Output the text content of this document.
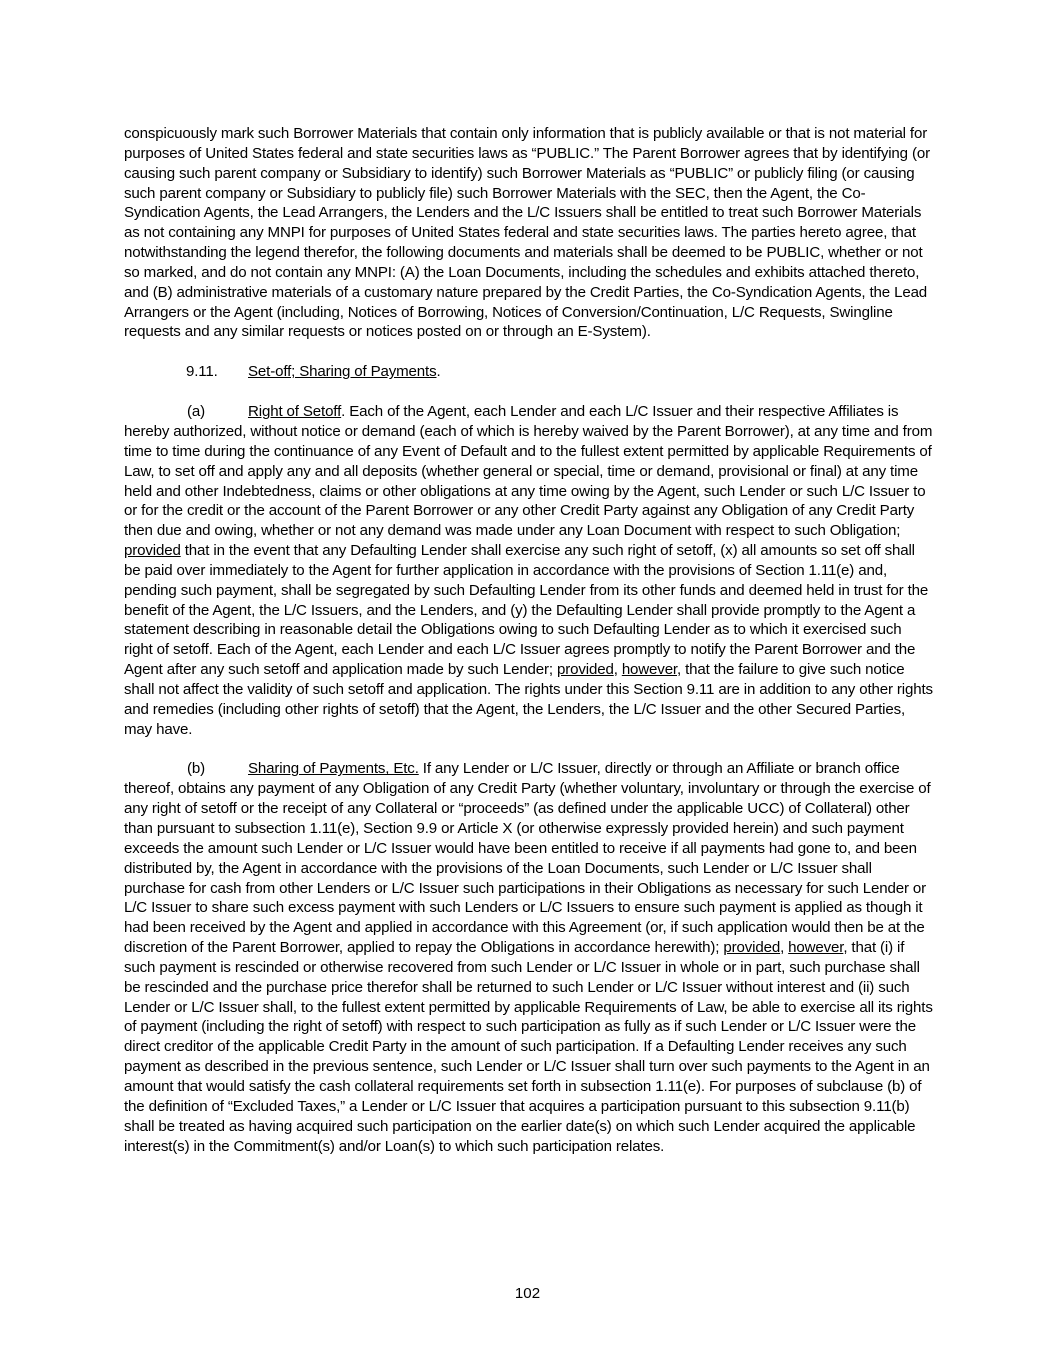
conspicuously mark such Borrower Materials that contain only information that is publicly available or that is not material for purposes of United States federal and state securities laws as “PUBLIC.” The Parent Borrower agrees that by identifying (or causing such parent company or Subsidiary to identify) such Borrower Materials as “PUBLIC” or publicly filing (or causing such parent company or Subsidiary to publicly file) such Borrower Materials with the SEC, then the Agent, the Co-Syndication Agents, the Lead Arrangers, the Lenders and the L/C Issuers shall be entitled to treat such Borrower Materials as not containing any MNPI for purposes of United States federal and state securities laws. The parties hereto agree, that notwithstanding the legend therefor, the following documents and materials shall be deemed to be PUBLIC, whether or not so marked, and do not contain any MNPI: (A) the Loan Documents, including the schedules and exhibits attached thereto, and (B) administrative materials of a customary nature prepared by the Credit Parties, the Co-Syndication Agents, the Lead Arrangers or the Agent (including, Notices of Borrowing, Notices of Conversion/Continuation, L/C Requests, Swingline requests and any similar requests or notices posted on or through an E-System).

9.11. Set-off; Sharing of Payments.

(a)	Right of Setoff. Each of the Agent, each Lender and each L/C Issuer and their respective Affiliates is hereby authorized, without notice or demand (each of which is hereby waived by the Parent Borrower), at any time and from time to time during the continuance of any Event of Default and to the fullest extent permitted by applicable Requirements of Law, to set off and apply any and all deposits (whether general or special, time or demand, provisional or final) at any time held and other Indebtedness, claims or other obligations at any time owing by the Agent, such Lender or such L/C Issuer to or for the credit or the account of the Parent Borrower or any other Credit Party against any Obligation of any Credit Party then due and owing, whether or not any demand was made under any Loan Document with respect to such Obligation; provided that in the event that any Defaulting Lender shall exercise any such right of setoff, (x) all amounts so set off shall be paid over immediately to the Agent for further application in accordance with the provisions of Section 1.11(e) and, pending such payment, shall be segregated by such Defaulting Lender from its other funds and deemed held in trust for the benefit of the Agent, the L/C Issuers, and the Lenders, and (y) the Defaulting Lender shall provide promptly to the Agent a statement describing in reasonable detail the Obligations owing to such Defaulting Lender as to which it exercised such right of setoff. Each of the Agent, each Lender and each L/C Issuer agrees promptly to notify the Parent Borrower and the Agent after any such setoff and application made by such Lender; provided, however, that the failure to give such notice shall not affect the validity of such setoff and application. The rights under this Section 9.11 are in addition to any other rights and remedies (including other rights of setoff) that the Agent, the Lenders, the L/C Issuer and the other Secured Parties, may have.

(b)	Sharing of Payments, Etc. If any Lender or L/C Issuer, directly or through an Affiliate or branch office thereof, obtains any payment of any Obligation of any Credit Party (whether voluntary, involuntary or through the exercise of any right of setoff or the receipt of any Collateral or “proceeds” (as defined under the applicable UCC) of Collateral) other than pursuant to subsection 1.11(e), Section 9.9 or Article X (or otherwise expressly provided herein) and such payment exceeds the amount such Lender or L/C Issuer would have been entitled to receive if all payments had gone to, and been distributed by, the Agent in accordance with the provisions of the Loan Documents, such Lender or L/C Issuer shall purchase for cash from other Lenders or L/C Issuer such participations in their Obligations as necessary for such Lender or L/C Issuer to share such excess payment with such Lenders or L/C Issuers to ensure such payment is applied as though it had been received by the Agent and applied in accordance with this Agreement (or, if such application would then be at the discretion of the Parent Borrower, applied to repay the Obligations in accordance herewith); provided, however, that (i) if such payment is rescinded or otherwise recovered from such Lender or L/C Issuer in whole or in part, such purchase shall be rescinded and the purchase price therefor shall be returned to such Lender or L/C Issuer without interest and (ii) such Lender or L/C Issuer shall, to the fullest extent permitted by applicable Requirements of Law, be able to exercise all its rights of payment (including the right of setoff) with respect to such participation as fully as if such Lender or L/C Issuer were the direct creditor of the applicable Credit Party in the amount of such participation. If a Defaulting Lender receives any such payment as described in the previous sentence, such Lender or L/C Issuer shall turn over such payments to the Agent in an amount that would satisfy the cash collateral requirements set forth in subsection 1.11(e). For purposes of subclause (b) of the definition of “Excluded Taxes,” a Lender or L/C Issuer that acquires a participation pursuant to this subsection 9.11(b) shall be treated as having acquired such participation on the earlier date(s) on which such Lender acquired the applicable interest(s) in the Commitment(s) and/or Loan(s) to which such participation relates.

102
